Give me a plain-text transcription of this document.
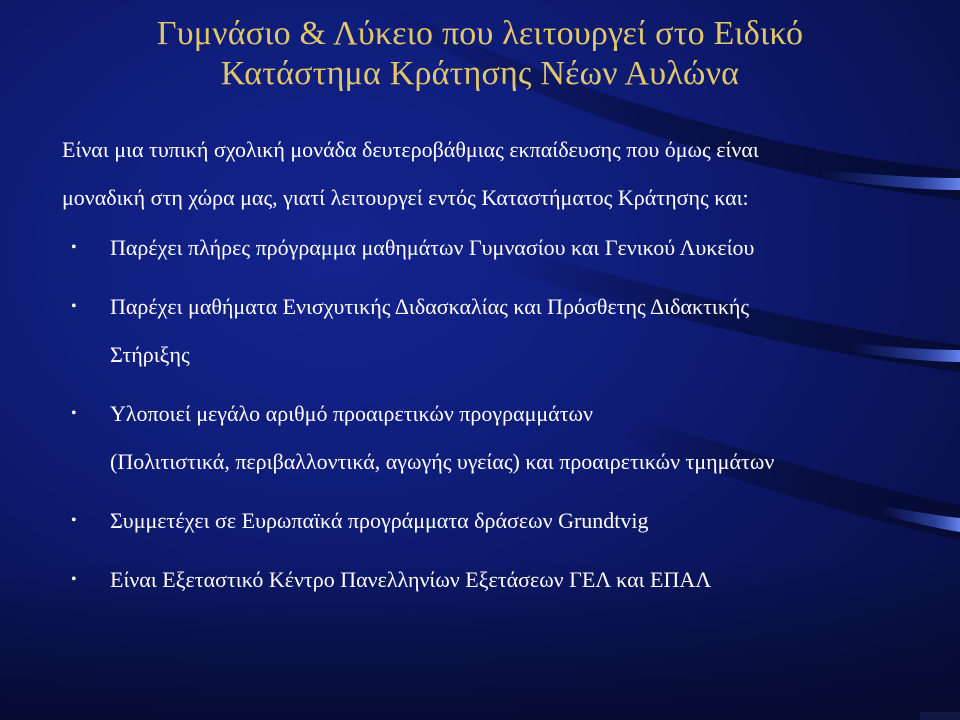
Γυμνάσιο & Λύκειο που λειτουργεί στο Ειδικό
Κατάστημα Κράτησης Νέων Αυλώνα

Είναι μια τυπική σχολική μονάδα δευτεροβάθμιας εκπαίδευσης που όμως είναι
μοναδική στη χώρα μας, γιατί λειτουργεί εντός Καταστήματος Κράτησης και:

• Παρέχει πλήρες πρόγραμμα μαθημάτων Γυμνασίου και Γενικού Λυκείου
• Παρέχει μαθήματα Ενισχυτικής Διδασκαλίας και Πρόσθετης Διδακτικής
Στήριξης
• Υλοποιεί μεγάλο αριθμό προαιρετικών προγραμμάτων
(Πολιτιστικά, περιβαλλοντικά, αγωγής υγείας) και προαιρετικών τμημάτων
• Συμμετέχει σε Ευρωπαϊκά προγράμματα δράσεων Grundtvig
• Είναι Εξεταστικό Κέντρο Πανελληνίων Εξετάσεων ΓΕΛ και ΕΠΑΛ
